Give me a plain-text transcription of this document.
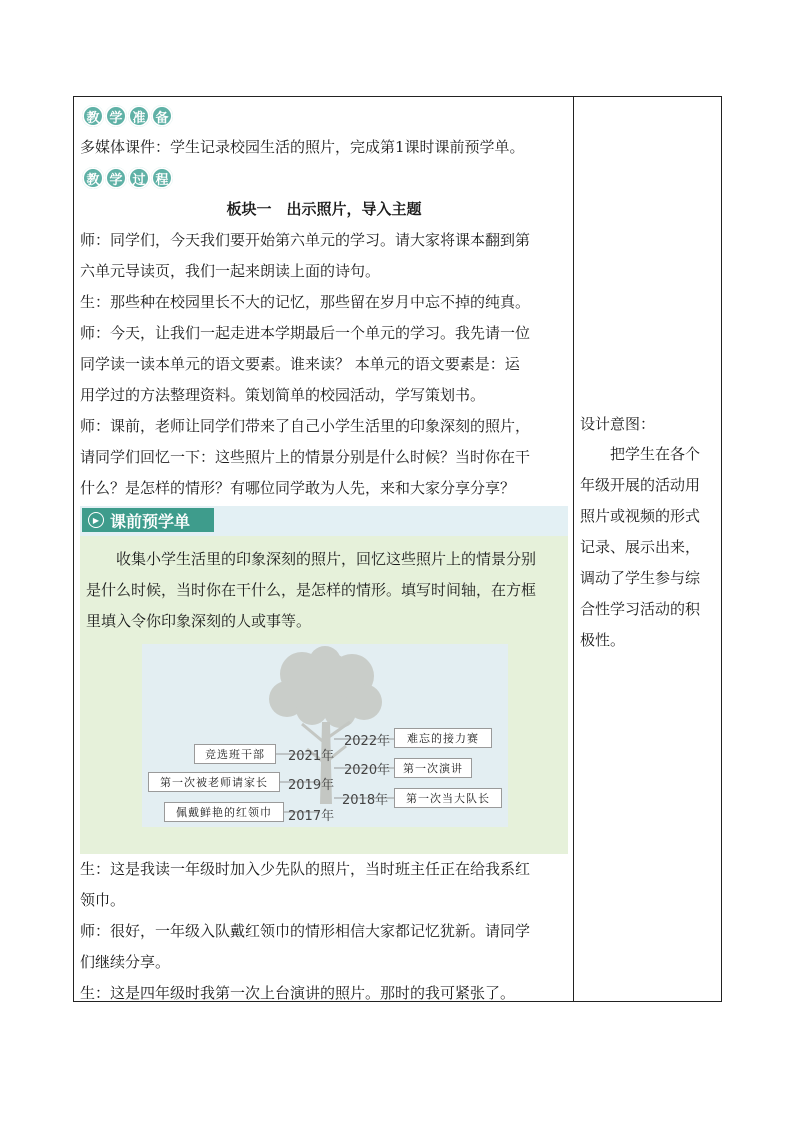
教 学 准 备

多媒体课件：学生记录校园生活的照片，完成第1课时课前预学单。

教 学 过 程
板块一　出示照片，导入主题

师：同学们，今天我们要开始第六单元的学习。请大家将课本翻到第

六单元导读页，我们一起来朗读上面的诗句。

生：那些种在校园里长不大的记忆，那些留在岁月中忘不掉的纯真。

师：今天，让我们一起走进本学期最后一个单元的学习。我先请一位

同学读一读本单元的语文要素。谁来读？ 本单元的语文要素是：运

用学过的方法整理资料。策划简单的校园活动，学写策划书。

师：课前，老师让同学们带来了自己小学生活里的印象深刻的照片，

请同学们回忆一下：这些照片上的情景分别是什么时候？当时你在干

什么？是怎样的情形？有哪位同学敢为人先，来和大家分享分享？

▶ 课前预学单

收集小学生活里的印象深刻的照片，回忆这些照片上的情景分别

是什么时候，当时你在干什么，是怎样的情形。填写时间轴，在方框

里填入令你印象深刻的人或事等。

竞选班干部	2021年
第一次被老师请家长	2019年
佩戴鲜艳的红领巾	2017年
2022年	难忘的接力赛
2020年	第一次演讲
2018年	第一次当大队长

生：这是我读一年级时加入少先队的照片，当时班主任正在给我系红

领巾。

师：很好，一年级入队戴红领巾的情形相信大家都记忆犹新。请同学

们继续分享。

生：这是四年级时我第一次上台演讲的照片。那时的我可紧张了。

设计意图：
把学生在各个
年级开展的活动用
照片或视频的形式
记录、展示出来，
调动了学生参与综
合性学习活动的积
极性。
